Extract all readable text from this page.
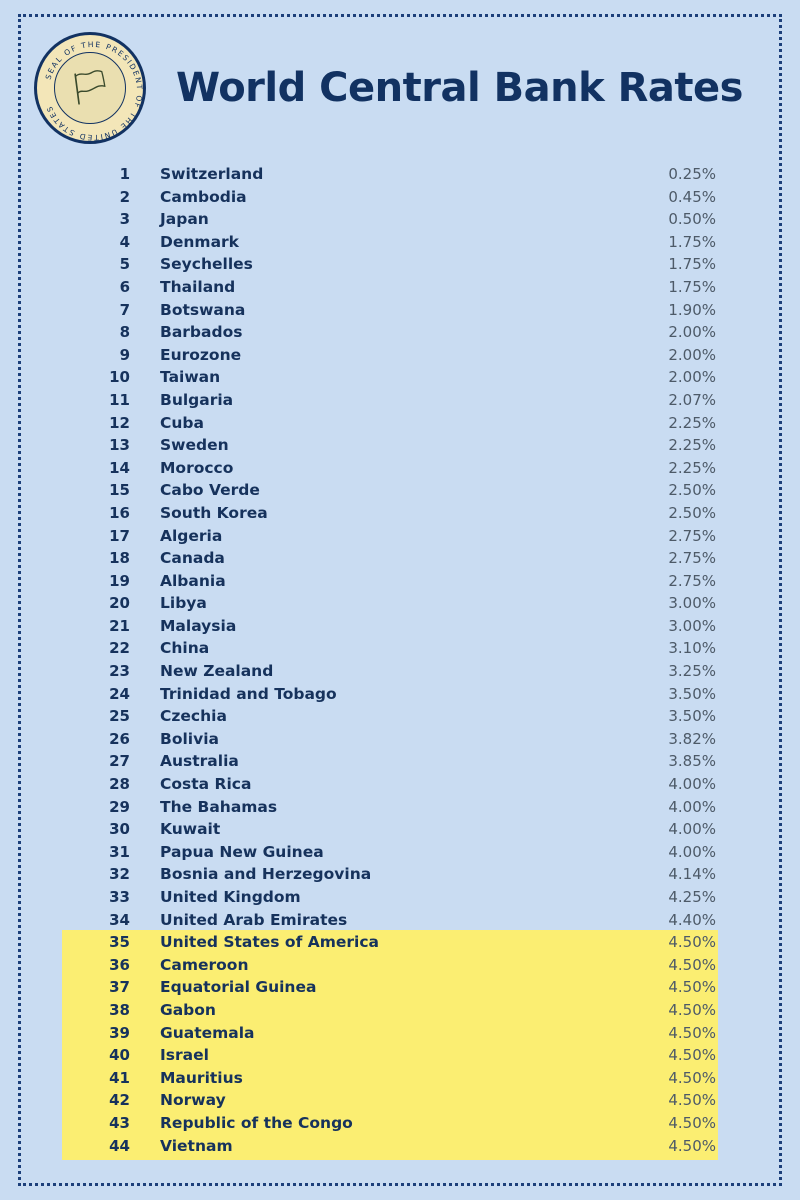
SEAL OF THE PRESIDENT OF THE UNITED STATES
🏳 World Central Bank Rates
1 Switzerland	0.25%
2 Cambodia	0.45%
3 Japan	0.50%
4 Denmark	1.75%
5 Seychelles	1.75%
6 Thailand	1.75%
7 Botswana	1.90%
8 Barbados	2.00%
9 Eurozone	2.00%
10 Taiwan	2.00%
11 Bulgaria	2.07%
12 Cuba	2.25%
13 Sweden	2.25%
14 Morocco	2.25%
15 Cabo Verde	2.50%
16 South Korea	2.50%
17 Algeria	2.75%
18 Canada	2.75%
19 Albania	2.75%
20 Libya	3.00%
21 Malaysia	3.00%
22 China	3.10%
23 New Zealand	3.25%
24 Trinidad and Tobago	3.50%
25 Czechia	3.50%
26 Bolivia	3.82%
27 Australia	3.85%
28 Costa Rica	4.00%
29 The Bahamas	4.00%
30 Kuwait	4.00%
31 Papua New Guinea	4.00%
32 Bosnia and Herzegovina	4.14%
33 United Kingdom	4.25%
34 United Arab Emirates	4.40%
35 United States of America	4.50%
36 Cameroon	4.50%
37 Equatorial Guinea	4.50%
38 Gabon	4.50%
39 Guatemala	4.50%
40 Israel	4.50%
41 Mauritius	4.50%
42 Norway	4.50%
43 Republic of the Congo	4.50%
44 Vietnam	4.50%
